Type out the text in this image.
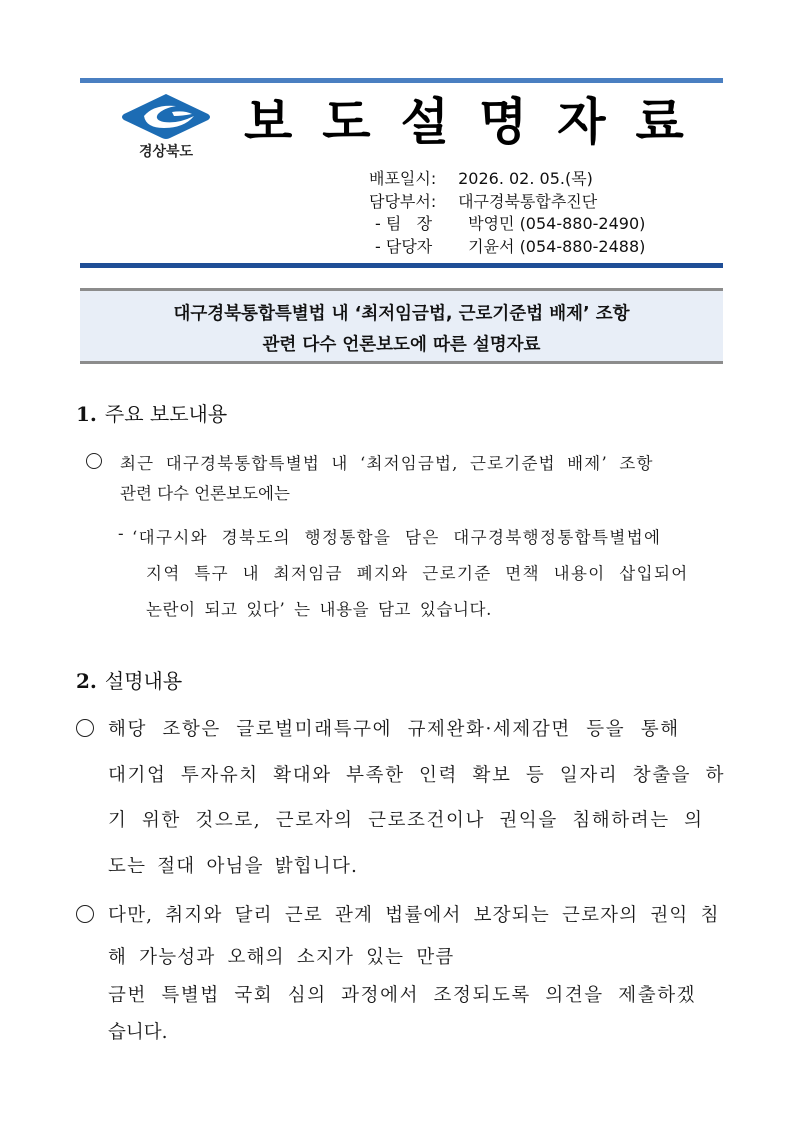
경상북도
보도설명자료
배포일시: 2026. 02. 05.(목)
담당부서: 대구경북통합추진단
- 팀   장 박영민 (054-880-2490)
- 담당자 기윤서 (054-880-2488)
대구경북통합특별법 내 ‘최저임금법, 근로기준법 배제’ 조항
관련 다수 언론보도에 따른 설명자료
1. 주요 보도내용
최근 대구경북통합특별법 내 ‘최저임금법, 근로기준법 배제’ 조항
관련 다수 언론보도에는
- ‘대구시와 경북도의 행정통합을 담은 대구경북행정통합특별법에
지역 특구 내 최저임금 폐지와 근로기준 면책 내용이 삽입되어
논란이 되고 있다’ 는 내용을 담고 있습니다.
2. 설명내용
해당 조항은 글로벌미래특구에 규제완화·세제감면 등을 통해
대기업 투자유치 확대와 부족한 인력 확보 등 일자리 창출을 하
기 위한 것으로, 근로자의 근로조건이나 권익을 침해하려는 의
도는 절대 아님을 밝힙니다.
다만, 취지와 달리 근로 관계 법률에서 보장되는 근로자의 권익 침
해 가능성과 오해의 소지가 있는 만큼
금번 특별법 국회 심의 과정에서 조정되도록 의견을 제출하겠
습니다.
